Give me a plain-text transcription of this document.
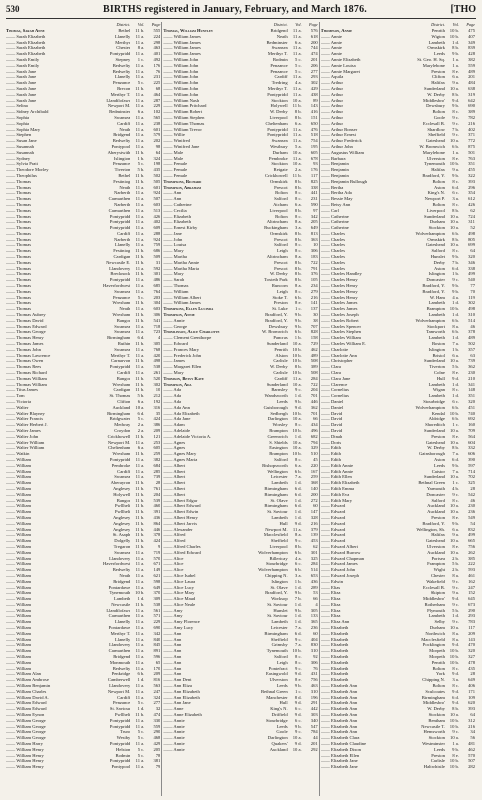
530	BIRTHS registered in January, February, and March 1876.	[THO
District.	Vol.	Page
Thomas, Sarah Anne	Bethel	11 b.	555
—— Sarah Elizabeth	Llanelly	11 a.	224
—— Sarah Elizabeth	Merthyr	11 a.	298
—— Sarah Elizabeth	Chester	8 a.	463
—— Sarah Elizabeth	Pontypridd	11 a.	401
—— Sarah Emily	Stepney	1 c.	492
—— Sarah Emily	Bedwelty	11 a.	176
—— Sarah Jane	Bedwelty	11 a.	76
—— Sarah Jane	Llanelly	11 a.	231
—— Sarah Jane	Penzance	5 c.	225
—— Sarah Jane	Brecon	11 b.	68
—— Sarah Jane	Merthyr T.	11 a.	464
—— Sarah Jane	Llandilofawr	11 a.	287
—— Selina	Newport M.	11 a.	229
—— Sidney Archibald	Bedminster	6 a.	102
—— Sophia	Swansea	11 a.	565
—— Sophia	Cardiff	11 a.	238
—— Sophia Mary	Neath	11 a.	601
—— Stephen	Bridgend	11 a.	579
—— Susan Jane	Bedwelty	11 a.	202
—— Susannah	Pontypool	11 a.	98
—— Susannah	Aberystwith	11 b.	64
—— Sydney	Islington	1 b.	324
—— Sylvia Pratt	Penzance	5 c.	198
—— Theodore Morley	Tiverton	5 b.	435
—— Theophilus	Bethel	11 b.	502
—— Thomas	Festiniog	11 b.	505
—— Thomas	Neath	11 a.	601
—— Thomas	Narberth	11 a.	924
—— Thomas	Carmarthen	11 a.	507
—— Thomas	Narberth	11 a.	603
—— Thomas	Carmarthen	11 a.	513
—— Thomas	Pontypridd	11 a.	426
—— Thomas	Pontypridd	11 a.	402
—— Thomas	Pontypridd	11 a.	609
—— Thomas	Cardiff	11 a.	288
—— Thomas	Narberth	11 a.	924
—— Thomas	Llanelly	11 a.	759
—— Thomas	Festiniog	11 b.	686
—— Thomas	Cardigan	11 b.	509
—— Thomas	Newcastle E.	11 b.	31
—— Thomas	Llandovery	11 a.	592
—— Thomas	Brecknock	11 b.	301
—— Thomas	Pontypridd	11 a.	486
—— Thomas	Haverfordwest	11 a.	685
—— Thomas	Swansea	11 a.	764
—— Thomas	Penzance	5 c.	203
—— Thomas	Wrexham	11 b.	304
—— Thomas	Neath	11 a.	603
—— Thomas Aubrey	Wrexham	11 b.	306
—— Thomas David	Bangor	11 b.	541
—— Thomas Edward	Swansea	11 a.	718
—— Thomas George	Swansea	11 a.	723
—— Thomas Henry	Birmingham	6 d.	4
—— Thomas James	Ruthin	11 b.	305
—— Thomas John	Swansea	11 a.	768
—— Thomas Lawrence	Merthyr T.	11 a.	420
—— Thomas Owen	Carnarvon	11 b.	498
—— Thomas Rees	Pontypridd	11 a.	538
—— Thomas Richard	Cardiff	11 a.	261
—— Thomas William	Bangor	11 b.	520
—— Thomas William	Wrexham	11 b.	302
—— Titus James	Cardigan	11 b.	10
—— Tom	St. Thomas	5 b.	212
—— Victoria	Clifton	6 a.	192
—— Walter	Auckland	10 a.	316
—— Walter Blayney	Birmingham	6 d.	35
—— Walter Francis	Bridgwater	5 c.	424
—— Walter Herbert J.	Medway	2 a.	386
—— Walter James	Croydon	2 a.	209
—— Walter John	Crickhowell	11 b.	121
—— Walter William	Newport M.	11 a.	253
—— Walter William	Cheltenham	6 a.	605
—— Watkin	Wrexham	11 b.	259
—— William	Pontypridd	11 a.	382
—— William	Pembroke	11 a.	684
—— William	Cardiff	11 a.	285
—— William	Swansea	11 a.	739
—— William	Aberayron	11 b.	28
—— William	Anglesey	11 b.	761
—— William	Holywell	11 b.	204
—— William	Bangor	11 b.	539
—— William	Pwllheli	11 b.	460
—— William	Pwllheli	11 b.	391
—— William	Anglesey	11 b.	436
—— William	Anglesey	11 b.	864
—— William	Anglesey	11 b.	446
—— William	St. Asaph	11 b.	378
—— William	Dolgelly	11 b.	424
—— William	Tregaron	11 b.	9
—— William	Swansea	11 a.	719
—— William	Llandovery	11 a.	570
—— William	Haverfordwest	11 a.	671
—— William	Bedwelty	11 a.	149
—— William	Neath	11 a.	621
—— William	Bridgend	11 a.	598
—— William	Pontardawe	11 a.	649
—— William	Tynemouth	10 b.	370
—— William	Lambeth	1 d.	309
—— William	Newcastle	11 b.	538
—— William	Llandilofawr	11 a.	561
—— William	Carmarthen	11 a.	571
—— William	Llanelly	11 a.	229
—— William	Pontardawe	11 a.	690
—— William	Merthyr T.	11 a.	342
—— William	Llanelly	11 a.	840
—— William	Llandovery	11 a.	845
—— William	Carmarthen	11 a.	891
—— William	Bridgend	11 a.	596
—— William	Monmouth	11 a.	65
—— William	Bedwelty	11 a.	170
—— William Alan	Penkridge	6 b.	209
—— William Ambrose	Camberwell	1 d.	816
—— William Benjamin	Llandovery	11 a.	563
—— William Charles	Newport M.	11 a.	247
—— William David A.	Cardiff	11 a.	324
—— William Edward	Penzance	5 c.	277
—— William Edward	St. Saviour	1 d.	32
—— William Eynon	Pwllheli	11 b.	474
—— William George	Pontypridd	11 a.	330
—— William George	Pontypridd	11 a.	559
—— William George	Truro	5 c.	290
—— William George	Westby	5 c.	468
—— William Harry	Pontypridd	11 a.	429
—— William Henry	Helston	5 c.	205
—— William Henry	Bodmin	5 c.	78
—— William Henry	Pontypridd	11 a.	381
—— William Henry	Pontypool	11 a.	79
District.	Vol.	Page
Thomas, William Huntley	Bridgend	11 a.	576
—— William James	Neath	11 a.	618
—— William James	Bedminster	6 a.	200
—— William James	Swansea	11 a.	744
—— William James	Merthyr T.	11 a.	474
—— William John	Bodmin	5 c.	201
—— William John	Penzance	5 c.	206
—— William John	Penzance	5 c.	277
—— William John	Cardiff	11 a.	293
—— William John	Tredring	4 a.	302
—— William John	Merthyr T.	11 a.	429
—— William John	Pontypridd	11 a.	438
—— William Nash	Stockton	10 a.	89
—— William Pritchard	Holywell	11 b.	143
—— William Robert	W. Derby	8 b.	416
—— William Stephen	Liverpool	8 b.	151
—— William Thomas	Cheltenham	6 a.	650
—— William Trevor	Pontypridd	11 a.	476
—— Willie	Pontypridd	11 a.	518
—— Winifred	Swansea	11 a.	754
—— Winifred Jane	Westbury	5 a.	195
—— Male	Durham	10 a.	605
—— Male	Pembroke	11 a.	678
—— Female	Stockton	10 a.	93
—— Female	Reigate	2 a.	176
—— Female	Crickhowell	11 b.	117
Thompsons, Richard	Ormskirk	8 b.	825
Thompson, Abraham	Prescot	8 b.	338
—— Ann	Bolton	8 c.	441
—— Ann	Salford	8 c.	231
—— Catherine	Atcham	6 a.	590
—— Cecilia	Liverpool	8 b.	97
—— Elizabeth	Bolton	8 c.	342
—— Elizabeth	Altrincham	8 a.	205
—— Ernest Kirby	Buckingham	3 a.	649
—— Jane	Ormskirk	8 b.	813
—— John	Prescot	8 b.	363
—— Louisa	Salford	8 c.	10
—— Mary	Leigh	8 c.	306
—— Martha	Altrincham	8 a.	183
—— Martha Annie	Prescot	8 b.	722
—— Martha Maria	Prescot	8 b.	791
—— Mary	W. Derby	8 b.	376
—— Sarah	Toxteth Park	8 b.	105
—— Thomas	Runcorn	8 a.	234
—— William	Leigh	8 c.	279
—— William Albert	Stoke T.	6 b.	216
—— William James	Preston	8 e.	141
Thompsons, Ellen Lucinda	St. Luke	1 c.	137
Thompson, Annie	Bradford, Y.	9 b.	30
—— Annie	Bradford, Y.	9 b.	38
—— George	Dewsbury	9 b.	707
Thomlinson, Alice Charlotte	W. Bromwich	6 b.	828
—— Clement Grenthorpe	Pancras	1 b.	158
—— Edward	Sunderland	10 a.	729
—— Frances Mary	Penrith	10 b.	462
—— Frederick John	Alston	10 b.	489
—— James	Carlisle	10 b.	508
—— Margaret Ellen	W. Derby	8 b.	389
—— Mary	Carlisle	10 b.	508
Thomson, Betsy Kate	Cardiff	11 a.	284
Thompson, Ada	Sunderland	10 a.	722
—— Ada	Barnsley	9 c.	204
—— Ada	Wandsworth	1 d.	701
—— Ada	Leeds	9 b.	446
—— Ada Ann	Guisborough	9 d.	362
—— Ada Elizabeth	Sedbergh	10 b.	701
—— Ada Jane	Darlington	10 a.	66
—— Adam	Worsley	8 c.	434
—— Adelaide	Brampton	10 b.	496
—— Adelaide Victoria A.	Greenwich	1 d.	682
—— Agnes	S. Shields	10 a.	794
—— Agnes	Easington	10 a.	329
—— Agnes Mary	Brampton	10 b.	510
—— Agnes Maria	Salford	8 c.	45
—— Albert	Bishopsworth	6 a.	220
—— Albert	Wellington	6 b.	167
—— Albert	Leicester	7 a.	259
—— Albert	Lambeth	1 d.	368
—— Albert	Birmingham	6 d.	140
—— Albert	Birmingham	6 d.	200
—— Albert Edgar	St. Olave	1 d.	272
—— Albert Edward	Birmingham	6 d.	60
—— Albert Edwin	St. Saviour	1 d.	147
—— Albert Henry	Lambeth	1 d.	328
—— Albert Jarvis	Hull	9 d.	216
—— Alexander	Newport M.	11 a.	379
—— Alfred	Macclesfield	8 a.	139
—— Alfred	Sheffield	9 c.	453
—— Alfred Charles	Liverpool	8 b.	62
—— Alfred Edward	Wolverhampton	6 b.	301
—— Alice	Billericay	4 a.	325
—— Alice	Stourbridge	6 c.	284
—— Alice	Wolverhampton	6 b.	514
—— Alice Isabel	Chipping N.	3 a.	653
—— Alice Laura	Islington	1 b.	436
—— Alice Lucy	St. Olave	1 d.	289
—— Alice Mary	Bradford, Y.	9 b.	53
—— Alice Maud	Worksop	7 b.	66
—— Alice Neale	St. Saviour	1 d.	4
—— Amy	Hunslet	9 b.	305
—— Amy	St. Saviour	1 d.	133
—— Amy Florence	Lambeth	1 d.	365
—— Amy Lucy	Leicester	7 a.	236
—— Ann	Birmingham	6 d.	60
—— Ann	Sheffield	9 c.	404
—— Ann	Grimsby	7 a.	830
—— Ann	Tynemouth	10 b.	310
—— Ann	Salford	8 c.	92
—— Ann	Leigh	8 c.	306
—— Ann	Pontefract	9 c.	76
—— Ann	Easingwold	9 d.	431
—— Ann Dent	Ulverston	8 e.	756
—— Ann Eliza	Leeds	9 b.	463
—— Ann Elizabeth	Bethnal Green	1 c.	310
—— Ann Elizabeth	Manchester	8 d.	196
—— Ann Jane	Hull	9 d.	291
—— Anne	King's N.	6 c.	442
—— Anne Elizabeth	Driffield	9 d.	303
—— Annie	Stourbridge	6 c.	340
—— Annie	Leeds	9 b.	547
—— Annie	Goole	9 c.	784
—— Annie	Darlington	10 a.	44
—— Annie	Quakers'	9 d.	201
—— Annie	Auckland	10 a.	292
District.	Vol.	Page
Thompson, Annie	Penrith	10 b.	475
—— Annie	Wigton	10 b.	407
—— Annie	Lambeth	1 d.	349
—— Annie	Ormskirk	8 b.	839
—— Annie	Leeds	9 b.	428
—— Annie Elizabeth	St. Geo. H. Sq.	1 a.	382
—— Annie Louisa	Marylebone	1 a.	559
—— Annie Margaret	Preston	8 e.	489
—— Aquila	Clifton	6 a.	201
—— Arthur	Halifax	9 a.	484
—— Arthur	Sunderland	10 a.	638
—— Arthur	W. Derby	8 b.	319
—— Arthur	Middlesbro'	9 d.	642
—— Arthur	Dewsbury	9 b.	690
—— Arthur	Bolton	8 c.	389
—— Arthur	Goole	9 c.	782
—— Arthur	Ecclesall B.	9 c.	216
—— Arthur Bonser	Shardlow	7 b.	402
—— Arthur Ernest	Sheffield	9 c.	371
—— Arthur Frederick	Gateshead	10 a.	772
—— Arthur John	W. Bromwich	6 b.	875
—— Augustus William	Marylebone	1 a.	501
—— Barbara	Ulverston	8 e.	763
—— Benjamin	Tynemouth	10 b.	351
—— Benjamin	Halifax	9 a.	455
—— Benjamin	Bradford, Y.	9 b.	322
—— Benjamin Bullough	Bolton	8 c.	393
—— Bertha	Aston	6 d.	296
—— Bertha Ada	King's N.	6 c.	354
—— Bessie May	Newport P.	3 a.	612
—— Betsy Ann	Bolton	8 c.	426
—— Carl	Liverpool	8 b.	62
—— Catherine	Sunderland	10 a.	724
—— Catherine	Durham	10 a.	311
—— Catherine	Stockton	10 a.	52
—— Charles	Wolverhampton	6 b.	498
—— Charles	Ormskirk	8 b.	805
—— Charles	Gateshead	10 a.	699
—— Charles	Salford	8 c.	64
—— Charles	Hunslet	9 b.	320
—— Charles	Derby	7 b.	346
—— Charles	Aston	6 d.	338
—— Charles Handley	Islington	1 b.	499
—— Charles Henry	Doncaster	9 c.	540
—— Charles Henry	Bradford, Y.	9 b.	77
—— Charles Henry	Bradford, Y.	9 b.	70
—— Charles Henry	W. Ham	4 a.	119
—— Charles James	Lambeth	1 d.	302
—— Charles James	Brampton	10 b.	498
—— Charles Joseph	Lambeth	1 d.	310
—— Charles Robert	Wolverhampton	6 b.	514
—— Charles Spencer	Stockport	8 a.	46
—— Charles Stephen	Tamworth	6 b.	378
—— Charles William	Lambeth	1 d.	489
—— Charles William E.	Boston	7 a.	502
—— Charlotte	Islington	1 b.	357
—— Charlotte Ann	Bristol	6 a.	63
—— Christopher	Sunderland	10 a.	739
—— Clara	Tiverton	5 b.	362
—— Clara	Colne	8 e.	230
—— Clara Jane	Hull	9 d.	210
—— Clarence	Lambeth	1 d.	341
—— Cornelius	Wigan	8 c.	148
—— Cornelius	Lambeth	1 d.	351
—— Daniel	Stourbridge	6 c.	320
—— Daniel	Wolverhampton	6 b.	451
—— David	Kendal	10 b.	740
—— David	Aldridge	6 b.	692
—— David	Shoreditch	1 c.	160
—— David	Sunderland	10 a.	709
—— Dinah	Preston	8 e.	564
—— Doris	Gateshead	10 a.	604
—— Edith	W. Derby	8 b.	332
—— Edith	Gainsborough	7 a.	606
—— Edith	Aston	6 d.	390
—— Edith Annie	Leeds	9 b.	597
—— Edith Annie	Caistor	7 a.	714
—— Edith Ellen	Sunderland	10 a.	702
—— Edith Elizabeth	Bethnal Green	1 c.	325
—— Edith Emma	Yarmouth	4 b.	28
—— Edith Eva	Doncaster	9 c.	542
—— Edith Mary	Salford	8 c.	46
—— Edward	Auckland	10 a.	230
—— Edward	Auckland	10 a.	236
—— Edward	Preston	8 e.	549
—— Edward	Bradford, Y.	9 b.	54
—— Edward	Wellington, Sh.	6 a.	832
—— Edward	Halifax	9 a.	499
—— Edward	Gateshead	10 a.	665
—— Edward Albert	Ulverston	8 e.	756
—— Edward Burrow	Auckland	10 a.	262
—— Edward Chapman	Portsea	2 b.	385
—— Edward James	Frampton	5 b.	222
—— Edward John	Wight	2 b.	593
—— Edward Joseph	Chester	8 a.	461
—— Edwin	Wakefield	9 c.	162
—— Elias	Ecclesall B.	9 c.	247
—— Eliza	Skipton	9 a.	152
—— Eliza	Middlesbro'	9 d.	645
—— Eliza	Rotherham	9 c.	673
—— Eliza	Plymouth	5 b.	290
—— Eliza	Lambeth	1 d.	293
—— Eliza Ann	Selby	9 c.	783
—— Elizabeth	Durham	10 a.	117
—— Elizabeth	Northwich	8 a.	209
—— Elizabeth	Macclesfield	8 a.	143
—— Elizabeth	Pocklington	9 d.	470
—— Elizabeth	Morpeth	10 b.	320
—— Elizabeth	Morpeth	10 b.	327
—— Elizabeth	Penrith	10 b.	478
—— Elizabeth	Bolton	8 c.	435
—— Elizabeth	York	9 d.	28
—— Elizabeth	Chipping N.	3 a.	649
—— Elizabeth Ann	Bolton	8 c.	406
—— Elizabeth Ann	Sculcoates	9 d.	171
—— Elizabeth Ann	Birmingham	6 d.	109
—— Elizabeth Ann	Middlesbro'	9 d.	620
—— Elizabeth Ann	W. Derby	8 b.	393
—— Elizabeth Ann	Stockton	10 a.	64
—— Elizabeth Ann	Bentham	10 b.	312
—— Elizabeth Ann	Newcastle T.	10 b.	216
—— Elizabeth Ann	Hemsworth	9 c.	34
—— Elizabeth Clara	Stockton	10 a.	56
—— Elizabeth Claudine	Westminster	1 a.	481
—— Elizabeth Dixon	Leeds	9 b.	462
—— Elizabeth Ellen	Preston	8 e.	570
—— Elizabeth Jane	Carlisle	10 b.	507
—— Elizabeth Jane	Haltwhistle	10 b.	282
